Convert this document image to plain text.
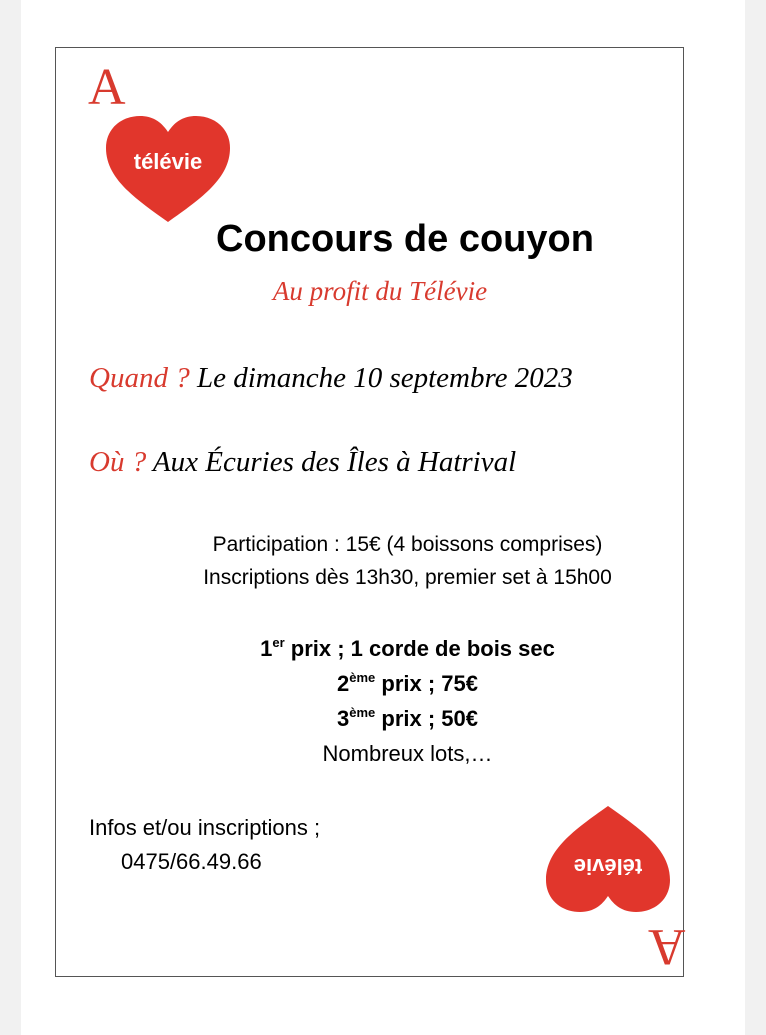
A
A
télévie
télévie
Concours de couyon
Au profit du Télévie
Quand ? Le dimanche 10 septembre 2023
Où ? Aux Écuries des Îles à Hatrival
Participation : 15€ (4 boissons comprises)
Inscriptions dès 13h30, premier set à 15h00
1er prix ; 1 corde de bois sec
2ème prix ; 75€
3ème prix ; 50€
Nombreux lots,…
Infos et/ou inscriptions ;
0475/66.49.66
